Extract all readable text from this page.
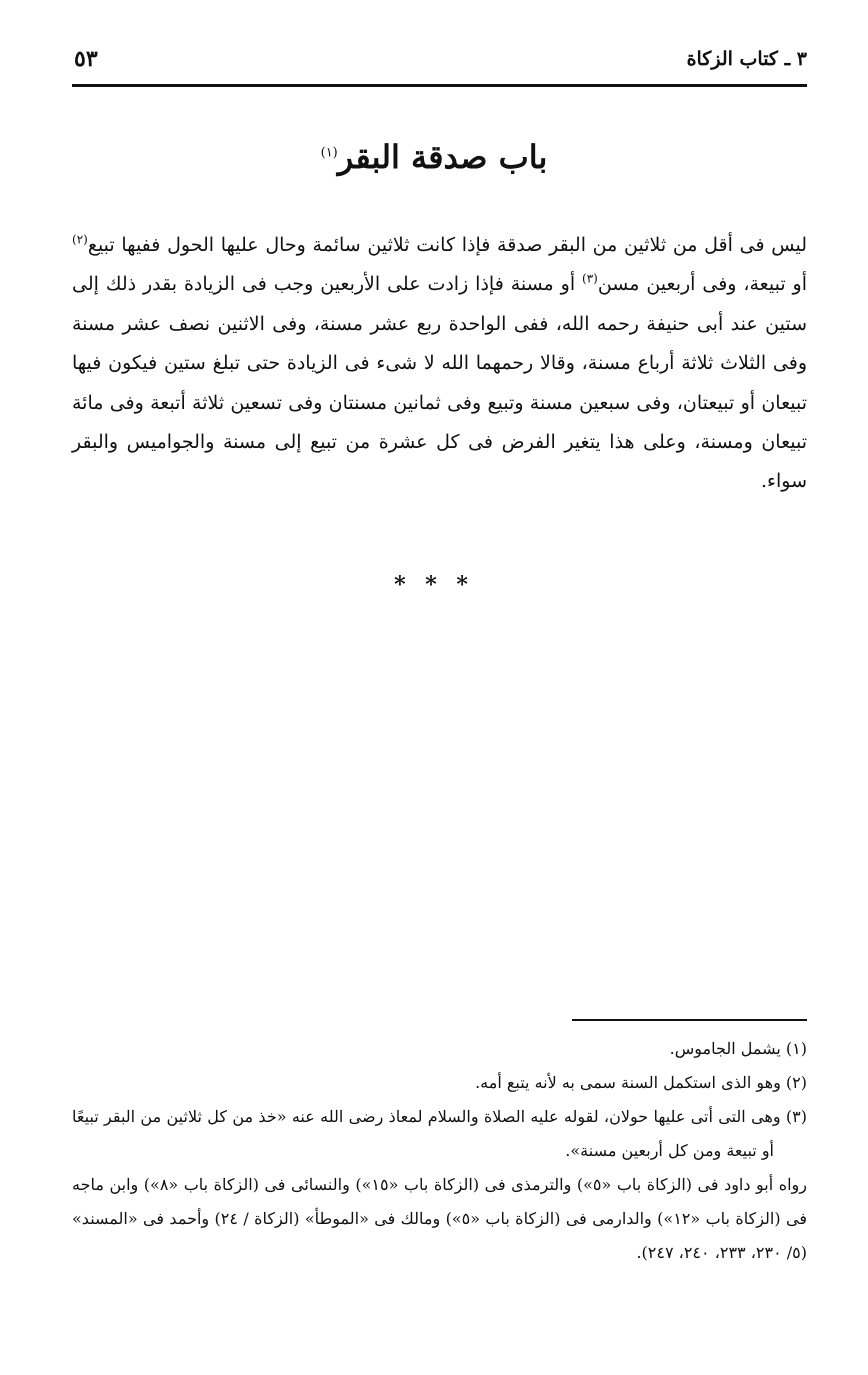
٣ ـ كتاب الزكاة
٥٣
باب صدقة البقر$^{(١)}$

ليس فى أقل من ثلاثين من البقر صدقة فإذا كانت ثلاثين سائمة وحال عليها الحول ففيها تبيع$^{(٢)}$ أو تبيعة، وفى أربعين مسن$^{(٣)}$ أو مسنة فإذا زادت على الأربعين وجب فى الزيادة بقدر ذلك إلى ستين عند أبى حنيفة رحمه الله، ففى الواحدة ربع عشر مسنة، وفى الاثنين نصف عشر مسنة وفى الثلاث ثلاثة أرباع مسنة، وقالا رحمهما الله لا شىء فى الزيادة حتى تبلغ ستين فيكون فيها تبيعان أو تبيعتان، وفى سبعين مسنة وتبيع وفى ثمانين مسنتان وفى تسعين ثلاثة أتبعة وفى مائة تبيعان ومسنة، وعلى هذا يتغير الفرض فى كل عشرة من تبيع إلى مسنة والجواميس والبقر سواء.

* * *

(١) يشمل الجاموس.

(٢) وهو الذى استكمل السنة سمى به لأنه يتبع أمه.

(٣) وهى التى أتى عليها حولان، لقوله عليه الصلاة والسلام لمعاذ رضى الله عنه «خذ من كل ثلاثين من البقر تبيعًا أو تبيعة ومن كل أربعين مسنة».

رواه أبو داود فى (الزكاة باب «٥») والترمذى فى (الزكاة باب «١٥») والنسائى فى (الزكاة باب «٨») وابن ماجه فى (الزكاة باب «١٢») والدارمى فى (الزكاة باب «٥») ومالك فى «الموطأ» (الزكاة / ٢٤) وأحمد فى «المسند» (٥/ ٢٣٠، ٢٣٣، ٢٤٠، ٢٤٧).
